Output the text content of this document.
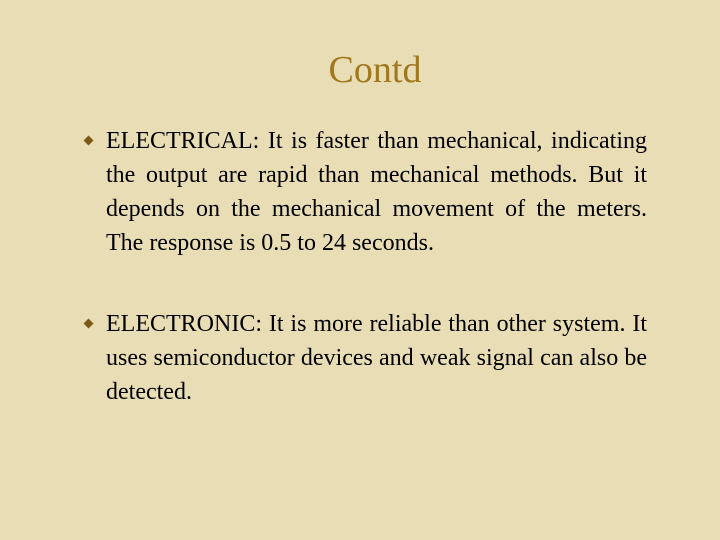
Contd
ELECTRICAL: It is faster than mechanical, indicating the output are rapid than mechanical methods. But it depends on the mechanical movement of the meters. The response is 0.5 to 24 seconds.
ELECTRONIC: It is more reliable than other system. It uses semiconductor devices and weak signal can also be detected.
